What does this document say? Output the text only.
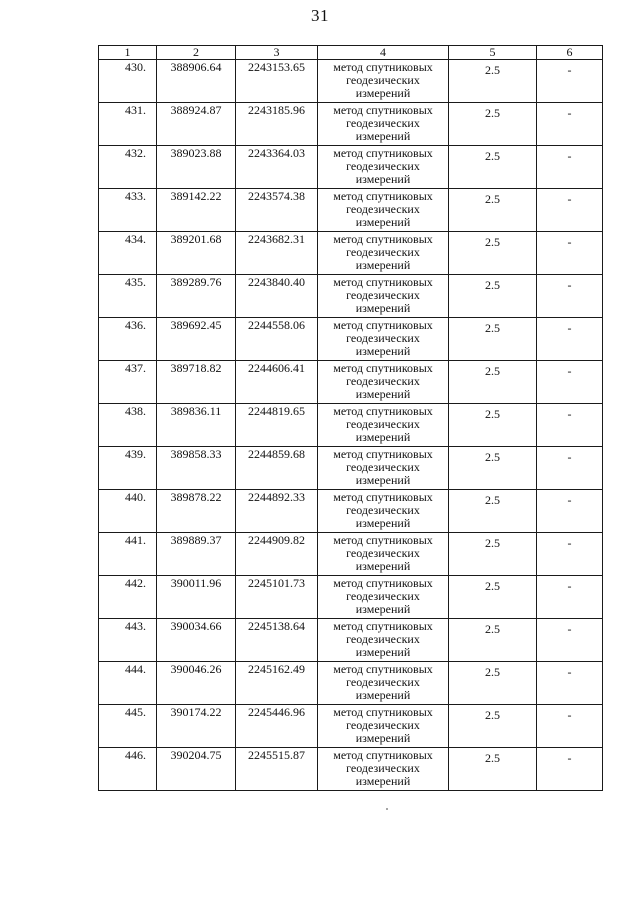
31
1	2	3	4	5	6
430.	388906.64	2243153.65	метод спутниковых геодезических измерений	2.5	-
431.	388924.87	2243185.96	метод спутниковых геодезических измерений	2.5	-
432.	389023.88	2243364.03	метод спутниковых геодезических измерений	2.5	-
433.	389142.22	2243574.38	метод спутниковых геодезических измерений	2.5	-
434.	389201.68	2243682.31	метод спутниковых геодезических измерений	2.5	-
435.	389289.76	2243840.40	метод спутниковых геодезических измерений	2.5	-
436.	389692.45	2244558.06	метод спутниковых геодезических измерений	2.5	-
437.	389718.82	2244606.41	метод спутниковых геодезических измерений	2.5	-
438.	389836.11	2244819.65	метод спутниковых геодезических измерений	2.5	-
439.	389858.33	2244859.68	метод спутниковых геодезических измерений	2.5	-
440.	389878.22	2244892.33	метод спутниковых геодезических измерений	2.5	-
441.	389889.37	2244909.82	метод спутниковых геодезических измерений	2.5	-
442.	390011.96	2245101.73	метод спутниковых геодезических измерений	2.5	-
443.	390034.66	2245138.64	метод спутниковых геодезических измерений	2.5	-
444.	390046.26	2245162.49	метод спутниковых геодезических измерений	2.5	-
445.	390174.22	2245446.96	метод спутниковых геодезических измерений	2.5	-
446.	390204.75	2245515.87	метод спутниковых геодезических измерений	2.5	-
